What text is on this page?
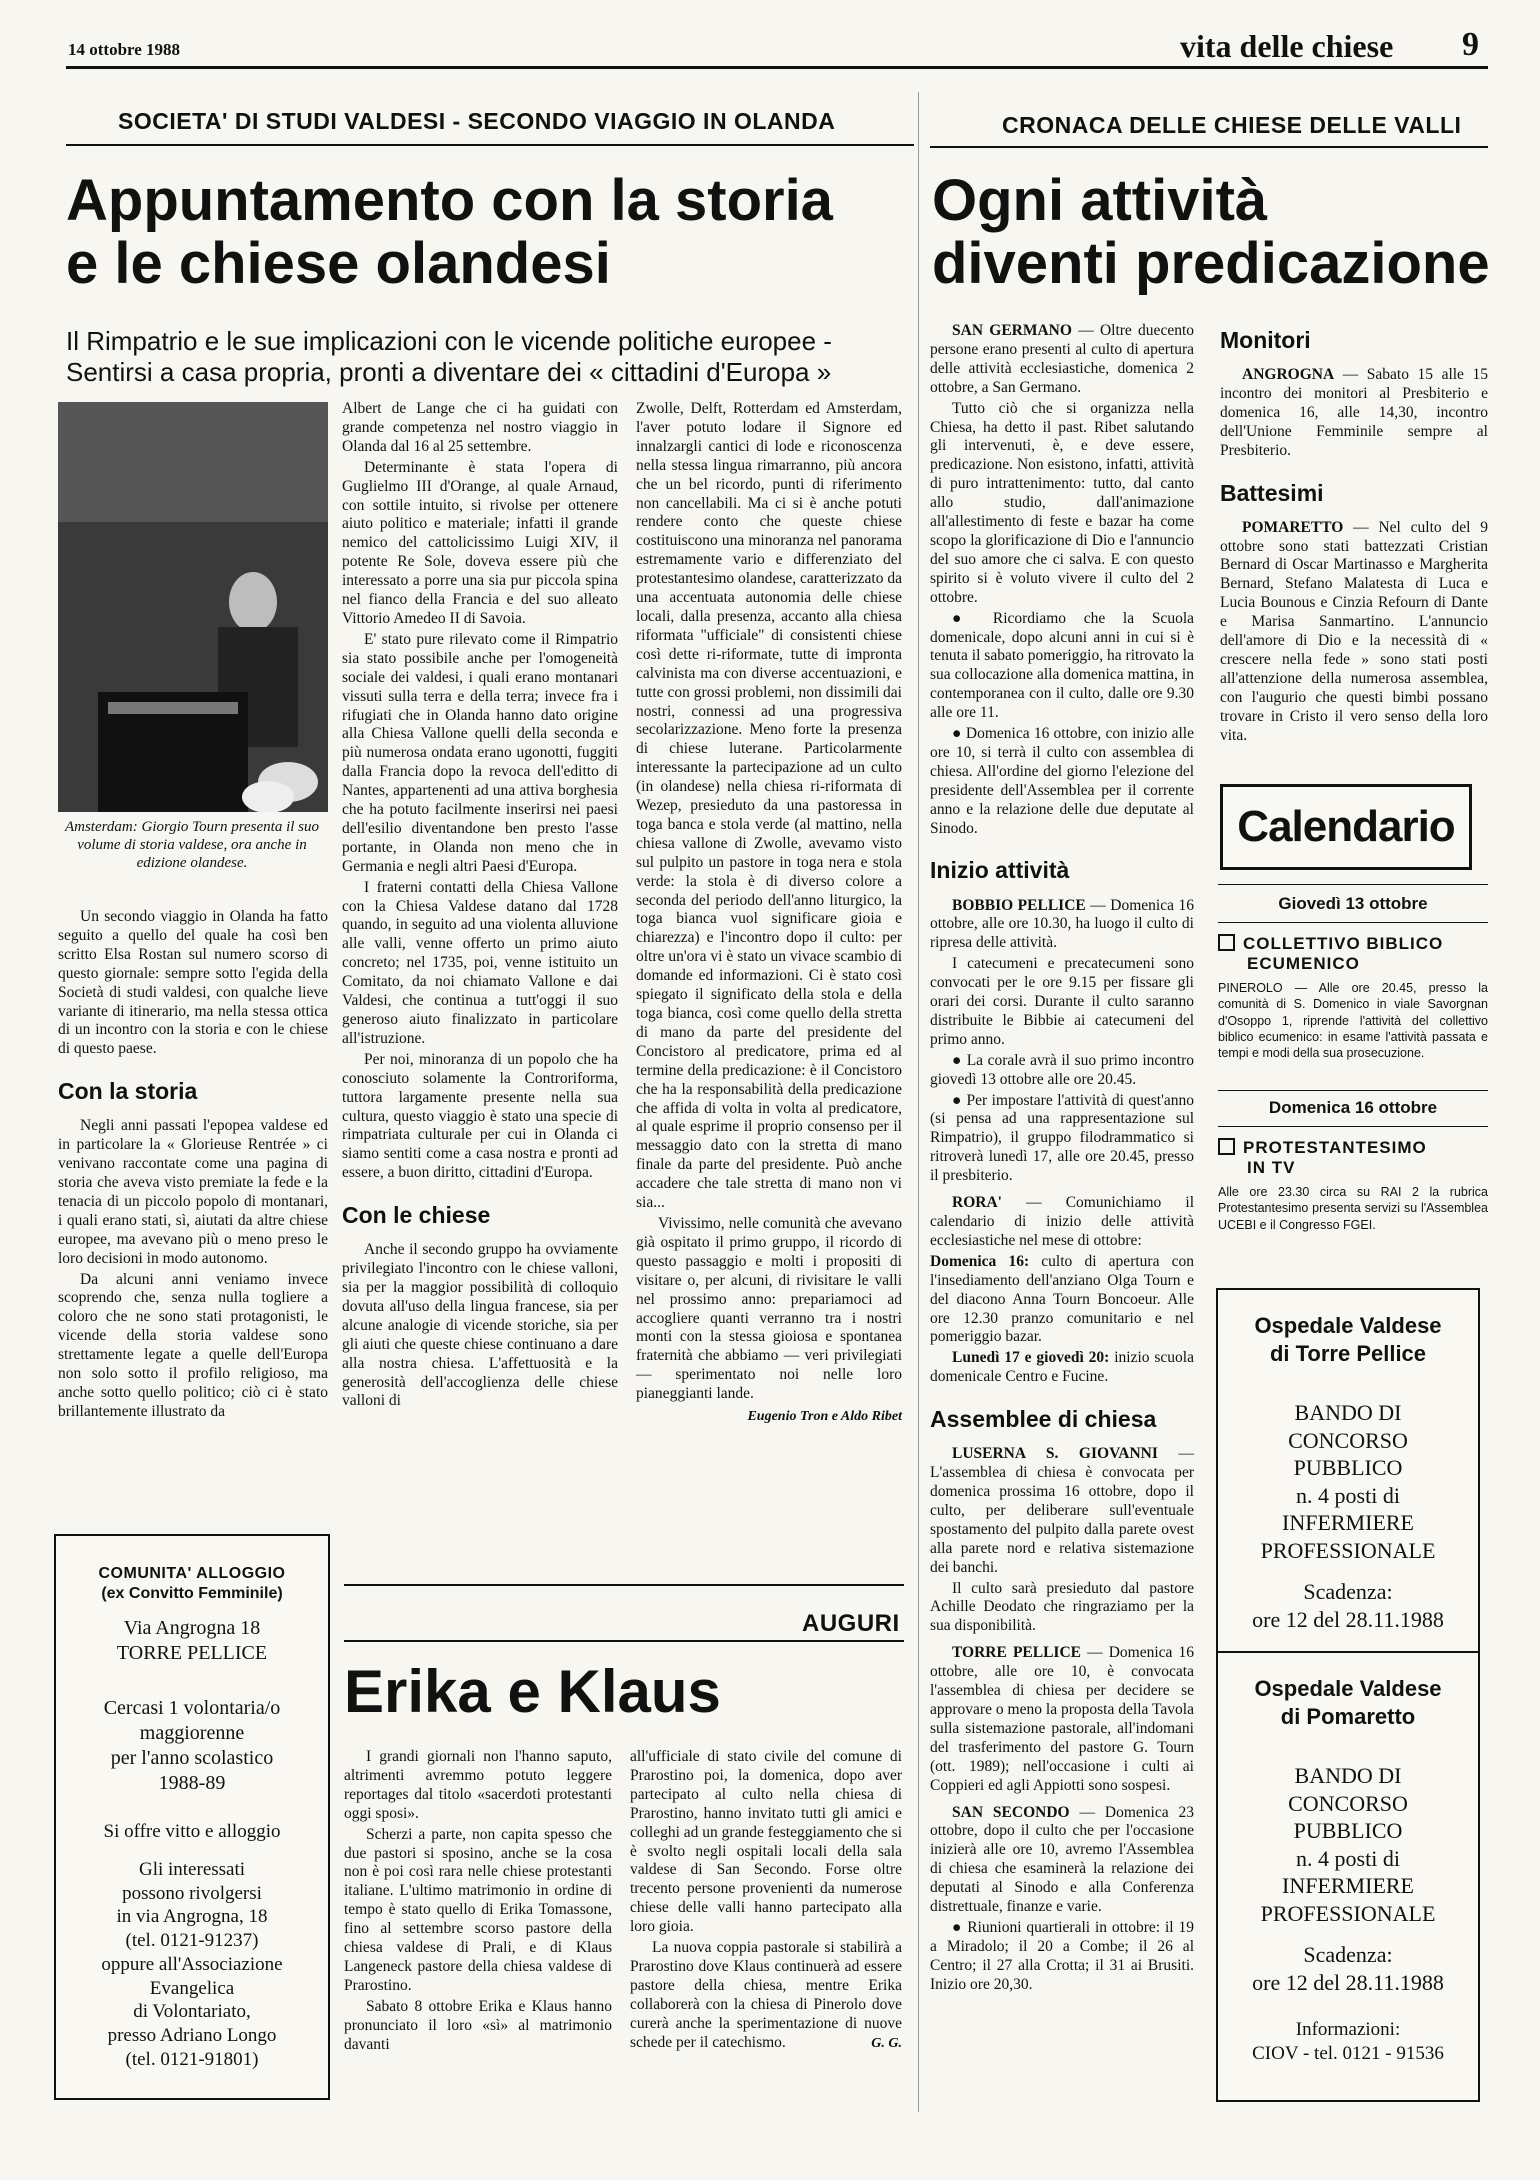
14 ottobre 1988	vita delle chiese 9
SOCIETA' DI STUDI VALDESI - SECONDO VIAGGIO IN OLANDA
Appuntamento con la storia
e le chiese olandesi
Il Rimpatrio e le sue implicazioni con le vicende politiche europee -
Sentirsi a casa propria, pronti a diventare dei « cittadini d'Europa »
Amsterdam: Giorgio Tourn presenta il suo volume di storia valdese, ora anche in edizione olandese.

Un secondo viaggio in Olanda ha fatto seguito a quello del quale ha così ben scritto Elsa Rostan sul numero scorso di questo giornale: sempre sotto l'egida della Società di studi valdesi, con qualche lieve variante di itinerario, ma nella stessa ottica di un incontro con la storia e con le chiese di questo paese.

Con la storia

Negli anni passati l'epopea valdese ed in particolare la « Glorieuse Rentrée » ci venivano raccontate come una pagina di storia che aveva visto premiate la fede e la tenacia di un piccolo popolo di montanari, i quali erano stati, sì, aiutati da altre chiese europee, ma avevano più o meno preso le loro decisioni in modo autonomo.

Da alcuni anni veniamo invece scoprendo che, senza nulla togliere a coloro che ne sono stati protagonisti, le vicende della storia valdese sono strettamente legate a quelle dell'Europa non solo sotto il profilo religioso, ma anche sotto quello politico; ciò ci è stato brillantemente illustrato da

Albert de Lange che ci ha guidati con grande competenza nel nostro viaggio in Olanda dal 16 al 25 settembre.

Determinante è stata l'opera di Guglielmo III d'Orange, al quale Arnaud, con sottile intuito, si rivolse per ottenere aiuto politico e materiale; infatti il grande nemico del cattolicissimo Luigi XIV, il potente Re Sole, doveva essere più che interessato a porre una sia pur piccola spina nel fianco della Francia e del suo alleato Vittorio Amedeo II di Savoia.

E' stato pure rilevato come il Rimpatrio sia stato possibile anche per l'omogeneità sociale dei valdesi, i quali erano montanari vissuti sulla terra e della terra; invece fra i rifugiati che in Olanda hanno dato origine alla Chiesa Vallone quelli della seconda e più numerosa ondata erano ugonotti, fuggiti dalla Francia dopo la revoca dell'editto di Nantes, appartenenti ad una attiva borghesia che ha potuto facilmente inserirsi nei paesi dell'esilio diventandone ben presto l'asse portante, in Olanda non meno che in Germania e negli altri Paesi d'Europa.

I fraterni contatti della Chiesa Vallone con la Chiesa Valdese datano dal 1728 quando, in seguito ad una violenta alluvione alle valli, venne offerto un primo aiuto concreto; nel 1735, poi, venne istituito un Comitato, da noi chiamato Vallone e dai Valdesi, che continua a tutt'oggi il suo generoso aiuto finalizzato in particolare all'istruzione.

Per noi, minoranza di un popolo che ha conosciuto solamente la Controriforma, tuttora largamente presente nella sua cultura, questo viaggio è stato una specie di rimpatriata culturale per cui in Olanda ci siamo sentiti come a casa nostra e pronti ad essere, a buon diritto, cittadini d'Europa.

Con le chiese

Anche il secondo gruppo ha ovviamente privilegiato l'incontro con le chiese valloni, sia per la maggior possibilità di colloquio dovuta all'uso della lingua francese, sia per alcune analogie di vicende storiche, sia per gli aiuti che queste chiese continuano a dare alla nostra chiesa. L'affettuosità e la generosità dell'accoglienza delle chiese valloni di

Zwolle, Delft, Rotterdam ed Amsterdam, l'aver potuto lodare il Signore ed innalzargli cantici di lode e riconoscenza nella stessa lingua rimarranno, più ancora che un bel ricordo, punti di riferimento non cancellabili. Ma ci si è anche potuti rendere conto che queste chiese costituiscono una minoranza nel panorama estremamente vario e differenziato del protestantesimo olandese, caratterizzato da una accentuata autonomia delle chiese locali, dalla presenza, accanto alla chiesa riformata "ufficiale" di consistenti chiese così dette ri-riformate, tutte di impronta calvinista ma con diverse accentuazioni, e tutte con grossi problemi, non dissimili dai nostri, connessi ad una progressiva secolarizzazione. Meno forte la presenza di chiese luterane. Particolarmente interessante la partecipazione ad un culto (in olandese) nella chiesa ri-riformata di Wezep, presieduto da una pastoressa in toga banca e stola verde (al mattino, nella chiesa vallone di Zwolle, avevamo visto sul pulpito un pastore in toga nera e stola verde: la stola è di diverso colore a seconda del periodo dell'anno liturgico, la toga bianca vuol significare gioia e chiarezza) e l'incontro dopo il culto: per oltre un'ora vi è stato un vivace scambio di domande ed informazioni. Ci è stato così spiegato il significato della stola e della toga bianca, così come quello della stretta di mano da parte del presidente del Concistoro al predicatore, prima ed al termine della predicazione: è il Concistoro che ha la responsabilità della predicazione che affida di volta in volta al predicatore, al quale esprime il proprio consenso per il messaggio dato con la stretta di mano finale da parte del presidente. Può anche accadere che tale stretta di mano non vi sia...

Vivissimo, nelle comunità che avevano già ospitato il primo gruppo, il ricordo di questo passaggio e molti i propositi di visitare o, per alcuni, di rivisitare le valli nel prossimo anno: prepariamoci ad accogliere quanti verranno tra i nostri monti con la stessa gioiosa e spontanea fraternità che abbiamo — veri privilegiati — sperimentato noi nelle loro pianeggianti lande.

Eugenio Tron e Aldo Ribet
COMUNITA' ALLOGGIO
(ex Convitto Femminile)
Via Angrogna 18
TORRE PELLICE
Cercasi 1 volontaria/o
maggiorenne
per l'anno scolastico
1988-89
Si offre vitto e alloggio
Gli interessati
possono rivolgersi
in via Angrogna, 18
(tel. 0121-91237)
oppure all'Associazione
Evangelica
di Volontariato,
presso Adriano Longo
(tel. 0121-91801)
AUGURI
Erika e Klaus

I grandi giornali non l'hanno saputo, altrimenti avremmo potuto leggere reportages dal titolo «sacerdoti protestanti oggi sposi».

Scherzi a parte, non capita spesso che due pastori si sposino, anche se la cosa non è poi così rara nelle chiese protestanti italiane. L'ultimo matrimonio in ordine di tempo è stato quello di Erika Tomassone, fino al settembre scorso pastore della chiesa valdese di Prali, e di Klaus Langeneck pastore della chiesa valdese di Prarostino.

Sabato 8 ottobre Erika e Klaus hanno pronunciato il loro «sì» al matrimonio davanti

all'ufficiale di stato civile del comune di Prarostino poi, la domenica, dopo aver partecipato al culto nella chiesa di Prarostino, hanno invitato tutti gli amici e colleghi ad un grande festeggiamento che si è svolto negli ospitali locali della sala valdese di San Secondo. Forse oltre trecento persone provenienti da numerose chiese delle valli hanno partecipato alla loro gioia.

La nuova coppia pastorale si stabilirà a Prarostino dove Klaus continuerà ad essere pastore della chiesa, mentre Erika collaborerà con la chiesa di Pinerolo dove curerà anche la sperimentazione di nuove schede per il catechismo.	G. G.
CRONACA DELLE CHIESE DELLE VALLI
Ogni attività
diventi predicazione

SAN GERMANO — Oltre duecento persone erano presenti al culto di apertura delle attività ecclesiastiche, domenica 2 ottobre, a San Germano.

Tutto ciò che si organizza nella Chiesa, ha detto il past. Ribet salutando gli intervenuti, è, e deve essere, predicazione. Non esistono, infatti, attività di puro intrattenimento: tutto, dal canto allo studio, dall'animazione all'allestimento di feste e bazar ha come scopo la glorificazione di Dio e l'annuncio del suo amore che ci salva. E con questo spirito si è voluto vivere il culto del 2 ottobre.

● Ricordiamo che la Scuola domenicale, dopo alcuni anni in cui si è tenuta il sabato pomeriggio, ha ritrovato la sua collocazione alla domenica mattina, in contemporanea con il culto, dalle ore 9.30 alle ore 11.

● Domenica 16 ottobre, con inizio alle ore 10, si terrà il culto con assemblea di chiesa. All'ordine del giorno l'elezione del presidente dell'Assemblea per il corrente anno e la relazione delle due deputate al Sinodo.

Inizio attività

BOBBIO PELLICE — Domenica 16 ottobre, alle ore 10.30, ha luogo il culto di ripresa delle attività.

I catecumeni e precatecumeni sono convocati per le ore 9.15 per fissare gli orari dei corsi. Durante il culto saranno distribuite le Bibbie ai catecumeni del primo anno.

● La corale avrà il suo primo incontro giovedì 13 ottobre alle ore 20.45.

● Per impostare l'attività di quest'anno (si pensa ad una rappresentazione sul Rimpatrio), il gruppo filodrammatico si ritroverà lunedì 17, alle ore 20.45, presso il presbiterio.

RORA' — Comunichiamo il calendario di inizio delle attività ecclesiastiche nel mese di ottobre:

Domenica 16: culto di apertura con l'insediamento dell'anziano Olga Tourn e del diacono Anna Tourn Boncoeur. Alle ore 12.30 pranzo comunitario e nel pomeriggio bazar.

Lunedì 17 e giovedì 20: inizio scuola domenicale Centro e Fucine.

Assemblee di chiesa

LUSERNA S. GIOVANNI — L'assemblea di chiesa è convocata per domenica prossima 16 ottobre, dopo il culto, per deliberare sull'eventuale spostamento del pulpito dalla parete ovest alla parete nord e relativa sistemazione dei banchi.

Il culto sarà presieduto dal pastore Achille Deodato che ringraziamo per la sua disponibilità.

TORRE PELLICE — Domenica 16 ottobre, alle ore 10, è convocata l'assemblea di chiesa per decidere se approvare o meno la proposta della Tavola sulla sistemazione pastorale, all'indomani del trasferimento del pastore G. Tourn (ott. 1989); nell'occasione i culti ai Coppieri ed agli Appiotti sono sospesi.

SAN SECONDO — Domenica 23 ottobre, dopo il culto che per l'occasione inizierà alle ore 10, avremo l'Assemblea di chiesa che esaminerà la relazione dei deputati al Sinodo e alla Conferenza distrettuale, finanze e varie.

● Riunioni quartierali in ottobre: il 19 a Miradolo; il 20 a Combe; il 26 al Centro; il 27 alla Crotta; il 31 ai Brusiti. Inizio ore 20,30.

Monitori

ANGROGNA — Sabato 15 alle 15 incontro dei monitori al Presbiterio e domenica 16, alle 14,30, incontro dell'Unione Femminile sempre al Presbiterio.

Battesimi

POMARETTO — Nel culto del 9 ottobre sono stati battezzati Cristian Bernard di Oscar Martinasso e Margherita Bernard, Stefano Malatesta di Luca e Lucia Bounous e Cinzia Refourn di Dante e Marisa Sanmartino. L'annuncio dell'amore di Dio e la necessità di « crescere nella fede » sono stati posti all'attenzione della numerosa assemblea, con l'augurio che questi bimbi possano trovare in Cristo il vero senso della loro vita.

Calendario
Giovedì 13 ottobre
COLLETTIVO BIBLICO
ECUMENICO
PINEROLO — Alle ore 20.45, presso la comunità di S. Domenico in viale Savorgnan d'Osoppo 1, riprende l'attività del collettivo biblico ecumenico: in esame l'attività passata e tempi e modi della sua prosecuzione.
Domenica 16 ottobre
PROTESTANTESIMO
IN TV
Alle ore 23.30 circa su RAI 2 la rubrica Protestantesimo presenta servizi su l'Assemblea UCEBI e il Congresso FGEI.
Ospedale Valdese
di Torre Pellice
BANDO DI
CONCORSO
PUBBLICO
n. 4 posti di
INFERMIERE
PROFESSIONALE
Scadenza:
ore 12 del 28.11.1988
Ospedale Valdese
di Pomaretto
BANDO DI
CONCORSO
PUBBLICO
n. 4 posti di
INFERMIERE
PROFESSIONALE
Scadenza:
ore 12 del 28.11.1988
Informazioni:
CIOV - tel. 0121 - 91536
